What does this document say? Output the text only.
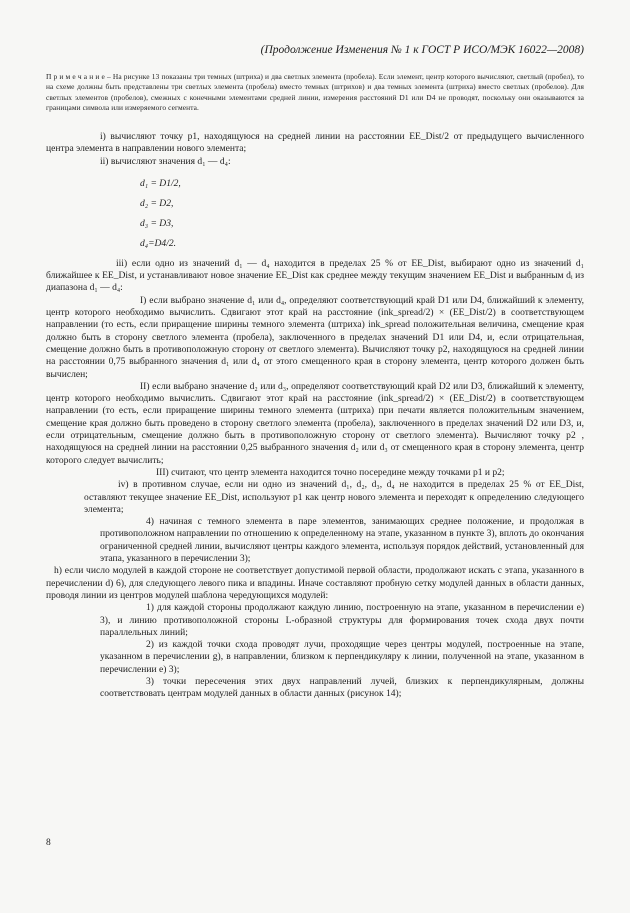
(Продолжение Изменения № 1 к ГОСТ Р ИСО/МЭК 16022—2008)
П р и м е ч а н и е – На рисунке 13 показаны три темных (штриха) и два светлых элемента (пробела). Если элемент, центр которого вычисляют, светлый (пробел), то на схеме должны быть представлены три светлых элемента (пробела) вместо темных (штрихов) и два темных элемента (штриха) вместо светлых (пробелов). Для светлых элементов (пробелов), смежных с конечными элементами средней линии, измерения расстояний D1 или D4 не проводят, поскольку они оказываются за границами символа или измеряемого сегмента.

i) вычисляют точку p1, находящуюся на средней линии на расстоянии EE_Dist/2 от предыдущего вычисленного центра элемента в направлении нового элемента;

ii) вычисляют значения d₁ — d₄:

d₁ = D1/2,

d₂ = D2,

d₃ = D3,

d₄=D4/2.

iii) если одно из значений d₁ — d₄ находится в пределах 25 % от EE_Dist, выбирают одно из значений d₁ ближайшее к EE_Dist, и устанавливают новое значение EE_Dist как среднее между текущим значением EE_Dist и выбранным dᵢ из диапазона d₁ — d₄:

I) если выбрано значение d₁ или d₄, определяют соответствующий край D1 или D4, ближайший к элементу, центр которого необходимо вычислить. Сдвигают этот край на расстояние (ink_spread/2) × (EE_Dist/2) в соответствующем направлении (то есть, если приращение ширины темного элемента (штриха) ink_spread положительная величина, смещение края должно быть в сторону светлого элемента (пробела), заключенного в пределах значений D1 или D4, и, если отрицательная, смещение должно быть в противоположную сторону от светлого элемента). Вычисляют точку p2, находящуюся на средней линии на расстоянии 0,75 выбранного значения d₁ или d₄ от этого смещенного края в сторону элемента, центр которого должен быть вычислен;

II) если выбрано значение d₂ или d₃, определяют соответствующий край D2 или D3, ближайший к элементу, центр которого необходимо вычислить. Сдвигают этот край на расстояние (ink_spread/2) × (EE_Dist/2) в соответствующем направлении (то есть, если приращение ширины темного элемента (штриха) при печати является положительным значением, смещение края должно быть проведено в сторону светлого элемента (пробела), заключенного в пределах значений D2 или D3, и, если отрицательным, смещение должно быть в противоположную сторону от светлого элемента). Вычисляют точку p2 , находящуюся на средней линии на расстоянии 0,25 выбранного значения d₂ или d₃ от смещенного края в сторону элемента, центр которого следует вычислить;

III) считают, что центр элемента находится точно посередине между точками p1 и p2;

iv) в противном случае, если ни одно из значений d₁, d₂, d₃, d₄ не находится в пределах 25 % от EE_Dist, оставляют текущее значение EE_Dist, используют p1 как центр нового элемента и переходят к определению следующего элемента;

4) начиная с темного элемента в паре элементов, занимающих среднее положение, и продолжая в противоположном направлении по отношению к определенному на этапе, указанном в пункте 3), вплоть до окончания ограниченной средней линии, вычисляют центры каждого элемента, используя порядок действий, установленный для этапа, указанного в перечислении 3);

h) если число модулей в каждой стороне не соответствует допустимой первой области, продолжают искать с этапа, указанного в перечислении d) 6), для следующего левого пика и впадины. Иначе составляют пробную сетку модулей данных в области данных, проводя линии из центров модулей шаблона чередующихся модулей:

1) для каждой стороны продолжают каждую линию, построенную на этапе, указанном в перечислении e) 3), и линию противоположной стороны L-образной структуры для формирования точек схода двух почти параллельных линий;

2) из каждой точки схода проводят лучи, проходящие через центры модулей, построенные на этапе, указанном в перечислении g), в направлении, близком к перпендикуляру к линии, полученной на этапе, указанном в перечислении e) 3);

3) точки пересечения этих двух направлений лучей, близких к перпендикулярным, должны соответствовать центрам модулей данных в области данных (рисунок 14);

8
